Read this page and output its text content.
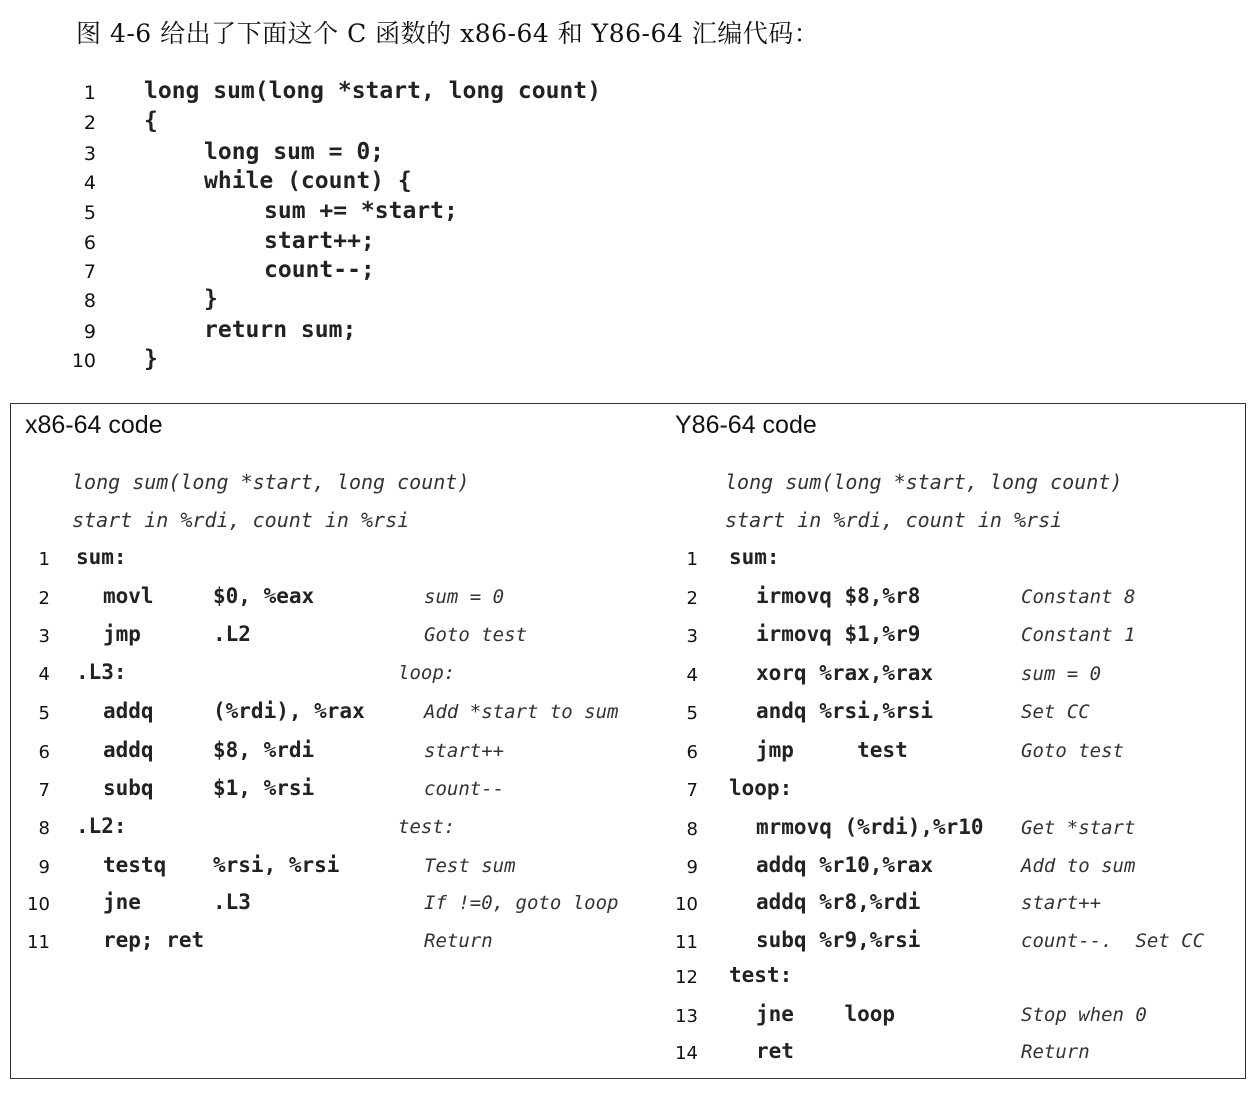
图 4-6 给出了下面这个 C 函数的 x86-64 和 Y86-64 汇编代码：
1 long sum(long *start, long count)
2 {
3	long sum = 0;
4	while (count) {
5	sum += *start;
6	start++;
7	count--;
8	}
9	return sum;
10 }
x86-64 code	Y86-64 code
long sum(long *start, long count)
start in %rdi, count in %rsi
long sum(long *start, long count)
start in %rdi, count in %rsi
1 sum:
2	movl	$0, %eax	sum = 0
3	jmp	.L2	Goto test
4 .L3:	loop:
5	addq	(%rdi), %rax	Add *start to sum
6	addq	$8, %rdi	start++
7	subq	$1, %rsi	count--
8 .L2:	test:
9	testq %rsi, %rsi	Test sum
10	jne	.L3	If !=0, goto loop
11	rep; ret	Return
1 sum:
2	irmovq $8,%r8	Constant 8
3	irmovq $1,%r9	Constant 1
4	xorq %rax,%rax	sum = 0
5	andq %rsi,%rsi	Set CC
6	jmp     test	Goto test
7 loop:
8	mrmovq (%rdi),%r10 Get *start
9	addq %r10,%rax	Add to sum
10	addq %r8,%rdi	start++
11	subq %r9,%rsi	count--.  Set CC
12 test:
13	jne    loop	Stop when 0
14	ret	Return
